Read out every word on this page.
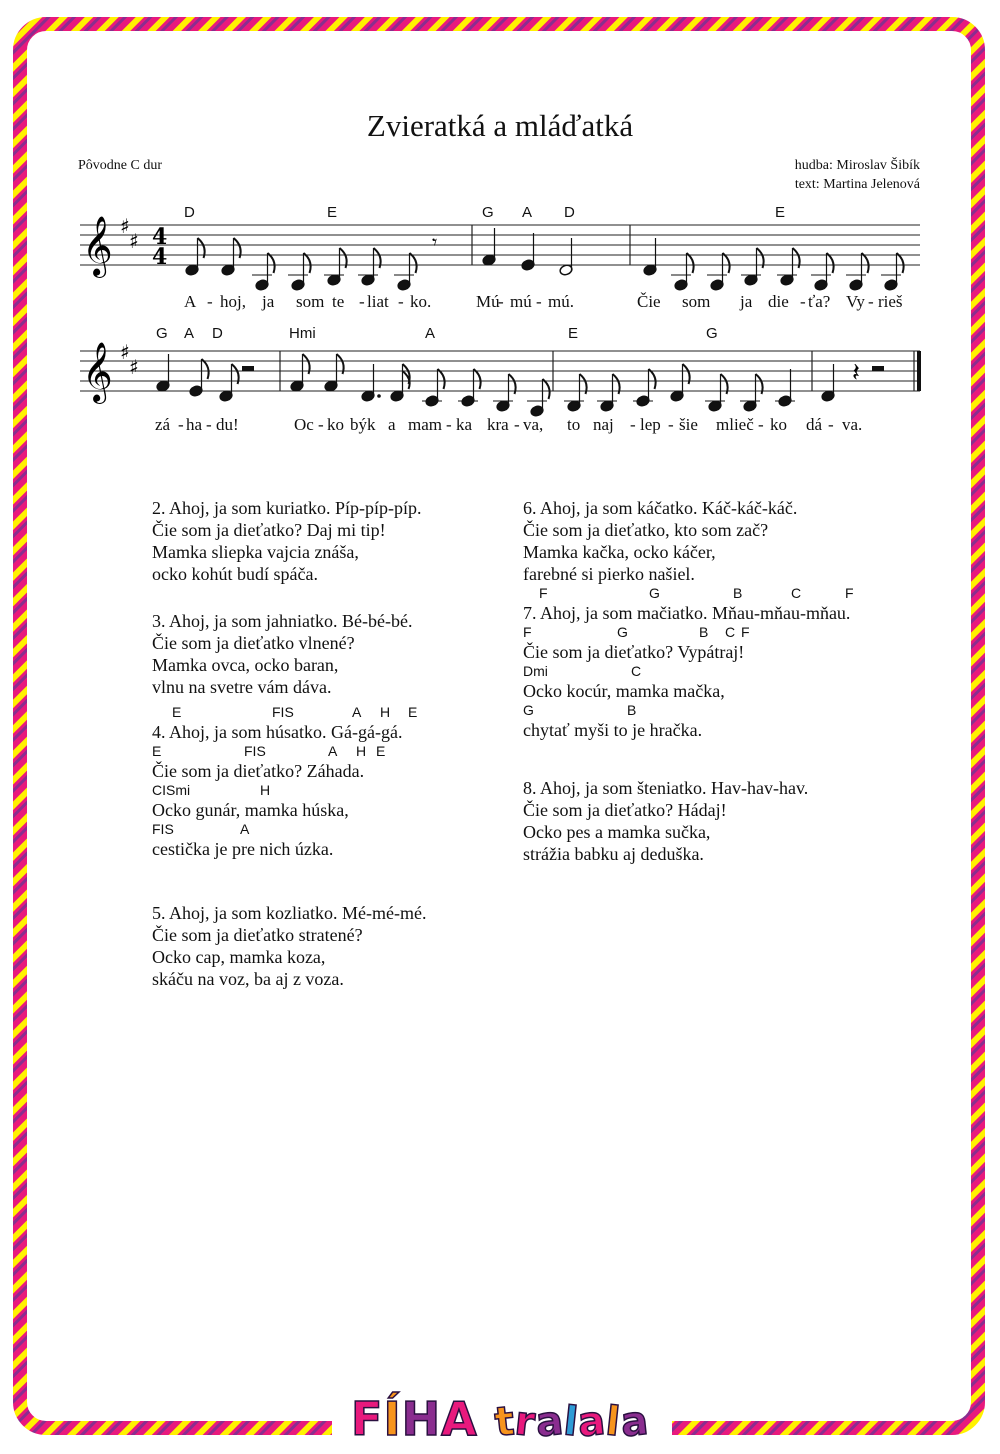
Zvieratká a mláďatká
Pôvodne C dur	hudba: Miroslav Šibík
text: Martina Jelenová
𝄞 ♯
♯ 4
4
𝄾
𝄞 ♯
♯	𝄽
D	E	G A D	E
A - hoj, ja som te - liat - ko.	Mú
- mú - mú.	Čie som ja die - ťa? Vy - rieš
G A D	Hmi	A	E	G
zá - ha - du!	Oc - ko býk a mam - ka kra - va, to naj - lep - šie mlieč - ko dá - va.
2. Ahoj, ja som kuriatko. Píp-píp-píp.
Čie som ja dieťatko? Daj mi tip!
Mamka sliepka vajcia znáša,
ocko kohút budí spáča.
3. Ahoj, ja som jahniatko. Bé-bé-bé.
Čie som ja dieťatko vlnené?
Mamka ovca, ocko baran,
vlnu na svetre vám dáva.
E	FIS	A H E
4. Ahoj, ja som húsatko. Gá-gá-gá.
E	FIS	A H E
Čie som ja dieťatko? Záhada.
CISmi	H
Ocko gunár, mamka húska,
FIS	A
cestička je pre nich úzka.
5. Ahoj, ja som kozliatko. Mé-mé-mé.
Čie som ja dieťatko stratené?
Ocko cap, mamka koza,
skáču na voz, ba aj z voza.
6. Ahoj, ja som káčatko. Káč-káč-káč.
Čie som ja dieťatko, kto som zač?
Mamka kačka, ocko káčer,
farebné si pierko našiel.
F	G	B	C	F
7. Ahoj, ja som mačiatko. Mňau-mňau-mňau.
F	G	B C F
Čie som ja dieťatko? Vypátraj!
Dmi	C
Ocko kocúr, mamka mačka,
G	B
chytať myši to je hračka.
8. Ahoj, ja som šteniatko. Hav-hav-hav.
Čie som ja dieťatko? Hádaj!
Ocko pes a mamka sučka,
strážia babku aj deduška.
FÍHA tralala
